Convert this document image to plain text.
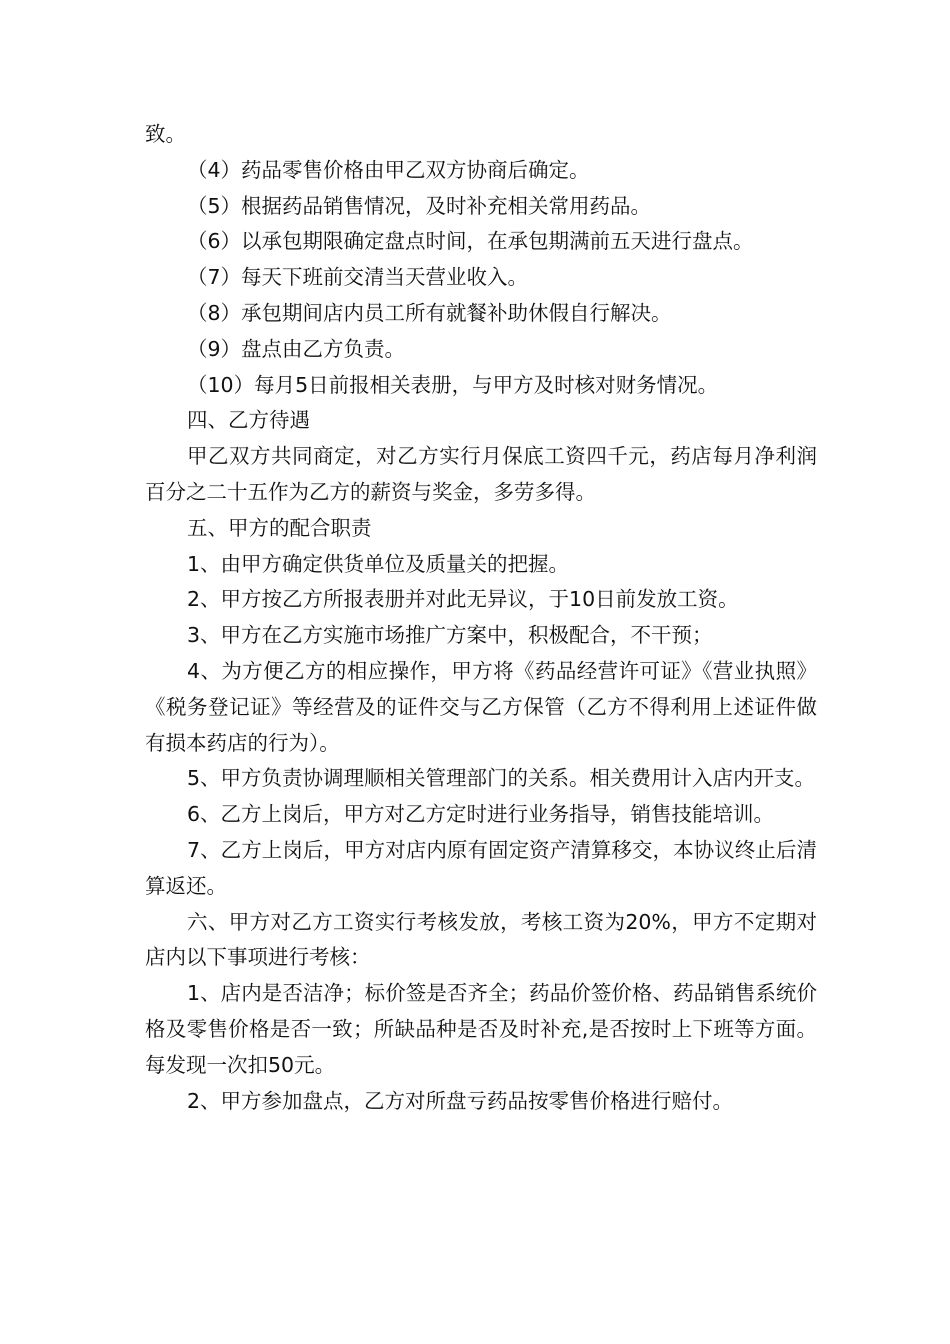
致。

（4）药品零售价格由甲乙双方协商后确定。

（5）根据药品销售情况，及时补充相关常用药品。

（6）以承包期限确定盘点时间，在承包期满前五天进行盘点。

（7）每天下班前交清当天营业收入。

（8）承包期间店内员工所有就餐补助休假自行解决。

（9）盘点由乙方负责。

（10）每月5日前报相关表册，与甲方及时核对财务情况。

四、乙方待遇

甲乙双方共同商定，对乙方实行月保底工资四千元，药店每月净利润百分之二十五作为乙方的薪资与奖金，多劳多得。

五、甲方的配合职责

1、由甲方确定供货单位及质量关的把握。

2、甲方按乙方所报表册并对此无异议，于10日前发放工资。

3、甲方在乙方实施市场推广方案中，积极配合，不干预；

4、为方便乙方的相应操作，甲方将《药品经营许可证》《营业执照》《税务登记证》等经营及的证件交与乙方保管（乙方不得利用上述证件做有损本药店的行为）。

5、甲方负责协调理顺相关管理部门的关系。相关费用计入店内开支。

6、乙方上岗后，甲方对乙方定时进行业务指导，销售技能培训。

7、乙方上岗后，甲方对店内原有固定资产清算移交，本协议终止后清算返还。

六、甲方对乙方工资实行考核发放，考核工资为20%，甲方不定期对店内以下事项进行考核：

1、店内是否洁净；标价签是否齐全；药品价签价格、药品销售系统价格及零售价格是否一致；所缺品种是否及时补充,是否按时上下班等方面。每发现一次扣50元。

2、甲方参加盘点，乙方对所盘亏药品按零售价格进行赔付。
